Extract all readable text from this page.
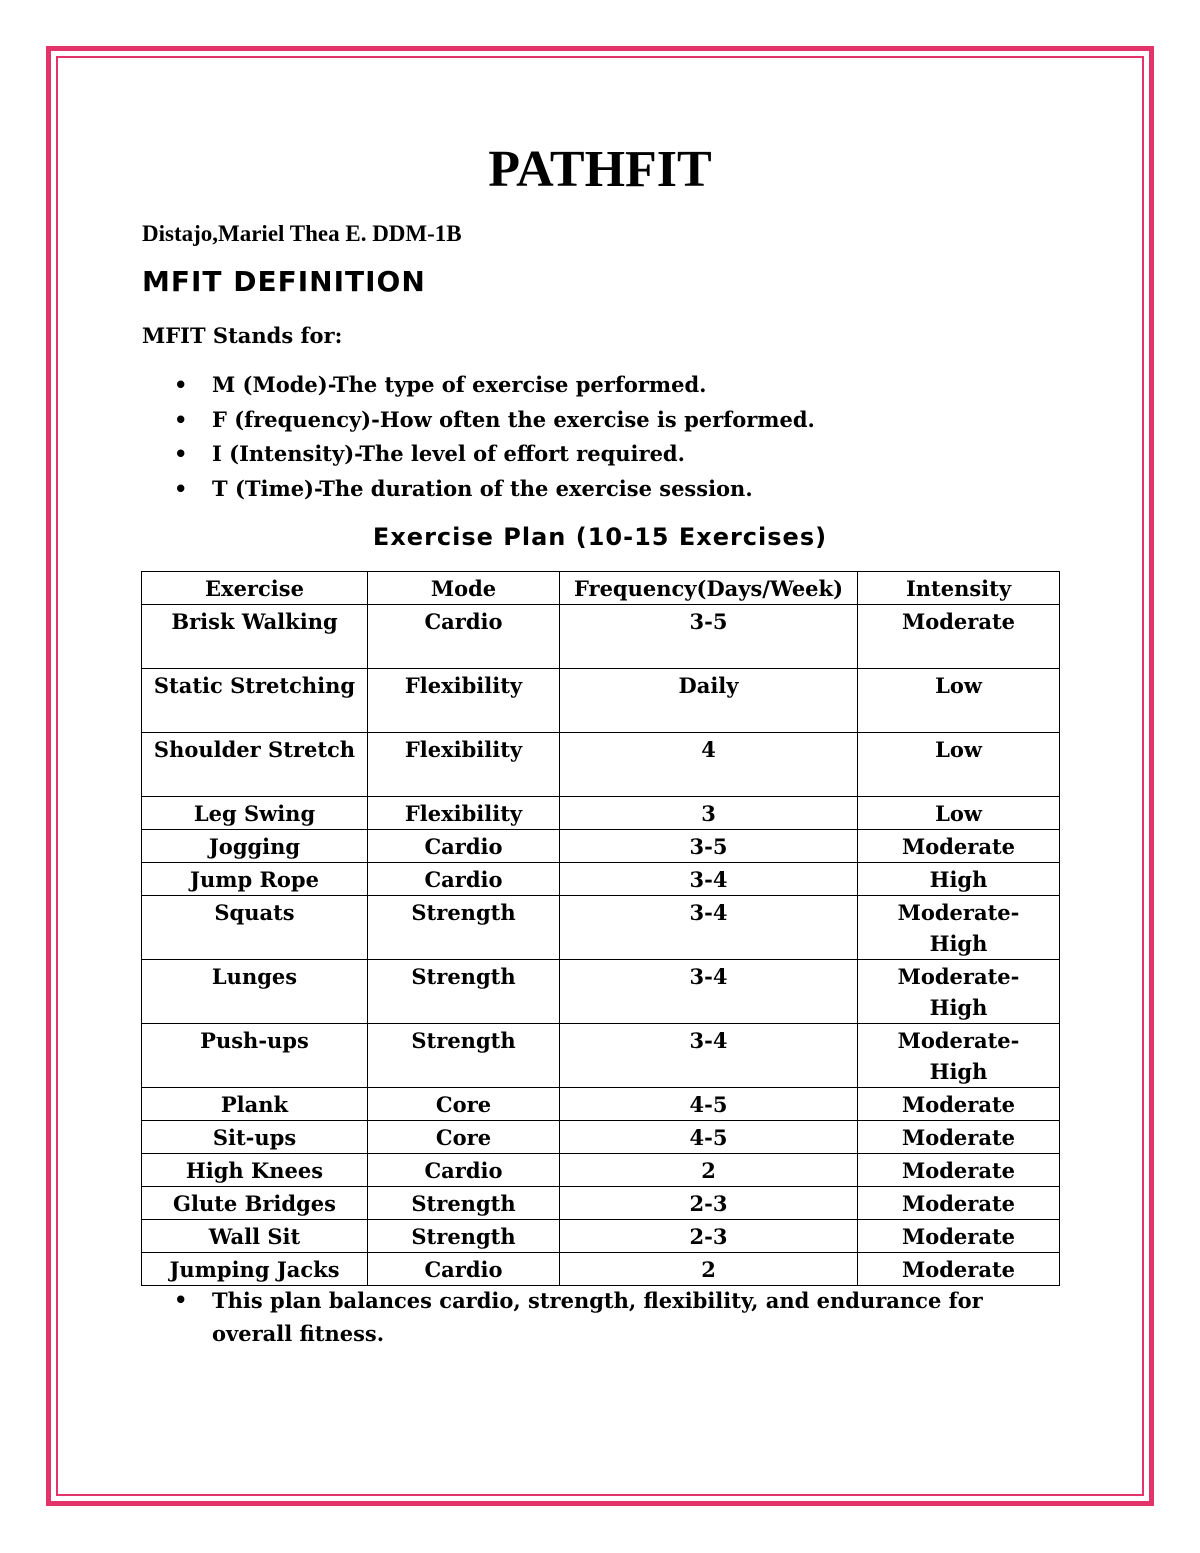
PATHFIT

Distajo,Mariel Thea E. DDM-1B

MFIT DEFINITION

MFIT Stands for:

• M (Mode)-The type of exercise performed.
• F (frequency)-How often the exercise is performed.
• I (Intensity)-The level of effort required.
• T (Time)-The duration of the exercise session.
Exercise Plan (10-15 Exercises)
Exercise	Mode	Frequency(Days/Week)	Intensity
Brisk Walking	Cardio	3-5	Moderate
Static Stretching	Flexibility	Daily	Low
Shoulder Stretch	Flexibility	4	Low
Leg Swing	Flexibility	3	Low
Jogging	Cardio	3-5	Moderate
Jump Rope	Cardio	3-4	High
Squats	Strength	3-4	Moderate-High
Lunges	Strength	3-4	Moderate-High
Push-ups	Strength	3-4	Moderate-High
Plank	Core	4-5	Moderate
Sit-ups	Core	4-5	Moderate
High Knees	Cardio	2	Moderate
Glute Bridges	Strength	2-3	Moderate
Wall Sit	Strength	2-3	Moderate
Jumping Jacks	Cardio	2	Moderate
• This plan balances cardio, strength, flexibility, and endurance for overall fitness.
